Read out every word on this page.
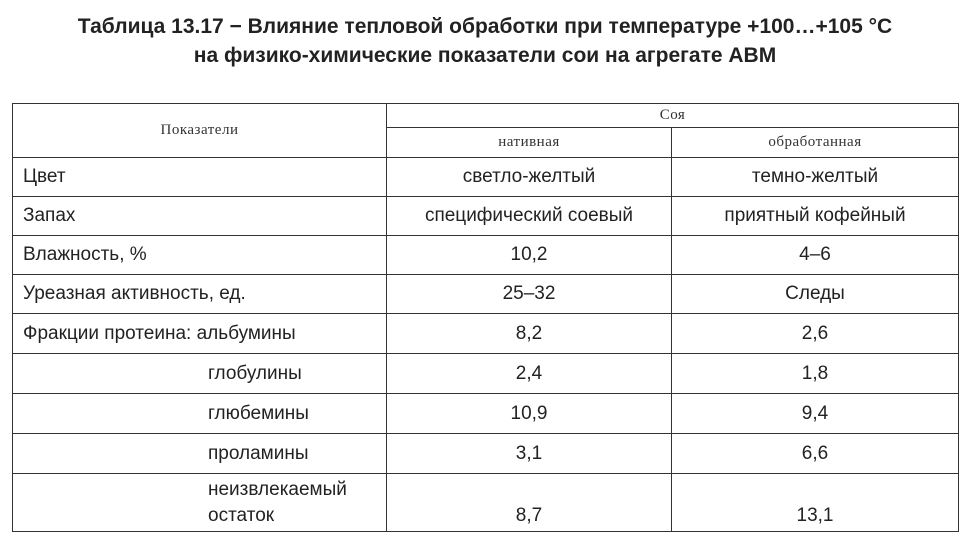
Таблица 13.17 − Влияние тепловой обработки при температуре +100…+105 °С
на физико-химические показатели сои на агрегате АВМ
Показатели	Соя	
	нативная	обработанная
Цвет	светло-желтый	темно-желтый
Запах	специфический соевый	приятный кофейный
Влажность, %	10,2	4–6
Уреазная активность, ед.	25–32	Следы
Фракции протеина: альбумины	8,2	2,6
глобулины	2,4	1,8
глюбемины	10,9	9,4
проламины	3,1	6,6

неизвлекаемый
остаток	8,7	13,1
